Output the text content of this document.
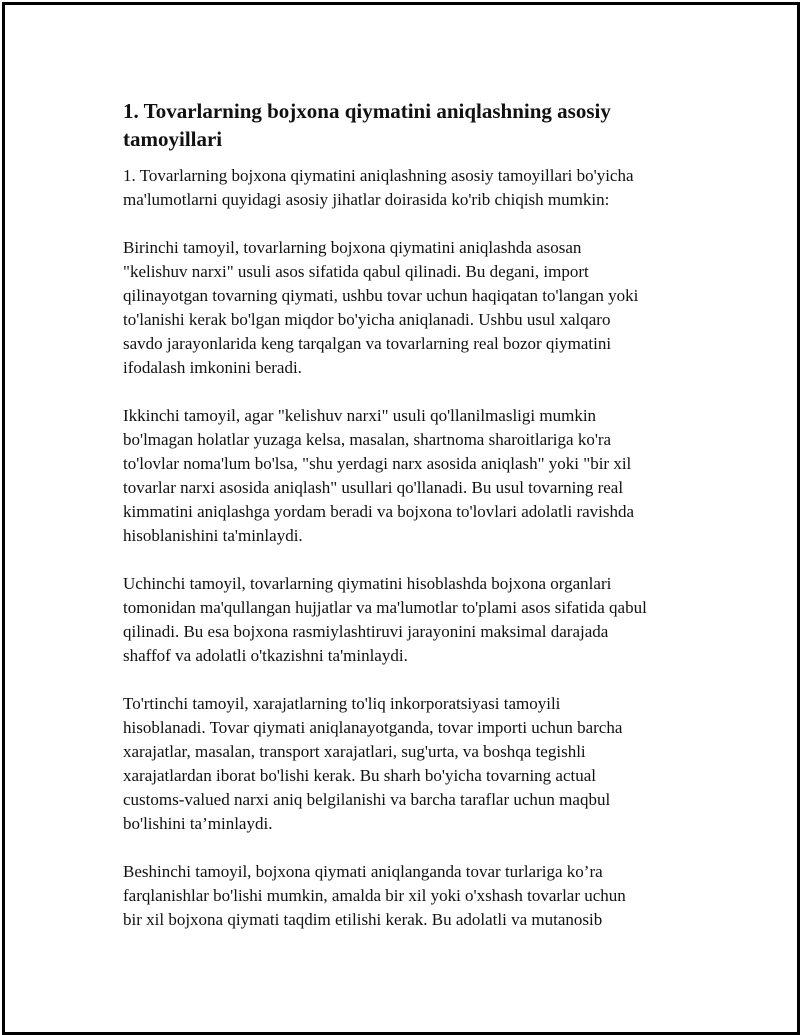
1. Tovarlarning bojxona qiymatini aniqlashning asosiy
tamoyillari
1. Tovarlarning bojxona qiymatini aniqlashning asosiy tamoyillari bo'yicha
ma'lumotlarni quyidagi asosiy jihatlar doirasida ko'rib chiqish mumkin:
Birinchi tamoyil, tovarlarning bojxona qiymatini aniqlashda asosan
"kelishuv narxi" usuli asos sifatida qabul qilinadi. Bu degani, import
qilinayotgan tovarning qiymati, ushbu tovar uchun haqiqatan to'langan yoki
to'lanishi kerak bo'lgan miqdor bo'yicha aniqlanadi. Ushbu usul xalqaro
savdo jarayonlarida keng tarqalgan va tovarlarning real bozor qiymatini
ifodalash imkonini beradi.
Ikkinchi tamoyil, agar "kelishuv narxi" usuli qo'llanilmasligi mumkin
bo'lmagan holatlar yuzaga kelsa, masalan, shartnoma sharoitlariga ko'ra
to'lovlar noma'lum bo'lsa, "shu yerdagi narx asosida aniqlash" yoki "bir xil
tovarlar narxi asosida aniqlash" usullari qo'llanadi. Bu usul tovarning real
kimmatini aniqlashga yordam beradi va bojxona to'lovlari adolatli ravishda
hisoblanishini ta'minlaydi.
Uchinchi tamoyil, tovarlarning qiymatini hisoblashda bojxona organlari
tomonidan ma'qullangan hujjatlar va ma'lumotlar to'plami asos sifatida qabul
qilinadi. Bu esa bojxona rasmiylashtiruvi jarayonini maksimal darajada
shaffof va adolatli o'tkazishni ta'minlaydi.
To'rtinchi tamoyil, xarajatlarning to'liq inkorporatsiyasi tamoyili
hisoblanadi. Tovar qiymati aniqlanayotganda, tovar importi uchun barcha
xarajatlar, masalan, transport xarajatlari, sug'urta, va boshqa tegishli
xarajatlardan iborat bo'lishi kerak. Bu sharh bo'yicha tovarning actual
customs-valued narxi aniq belgilanishi va barcha taraflar uchun maqbul
bo'lishini ta’minlaydi.
Beshinchi tamoyil, bojxona qiymati aniqlanganda tovar turlariga ko’ra
farqlanishlar bo'lishi mumkin, amalda bir xil yoki o'xshash tovarlar uchun
bir xil bojxona qiymati taqdim etilishi kerak. Bu adolatli va mutanosib
